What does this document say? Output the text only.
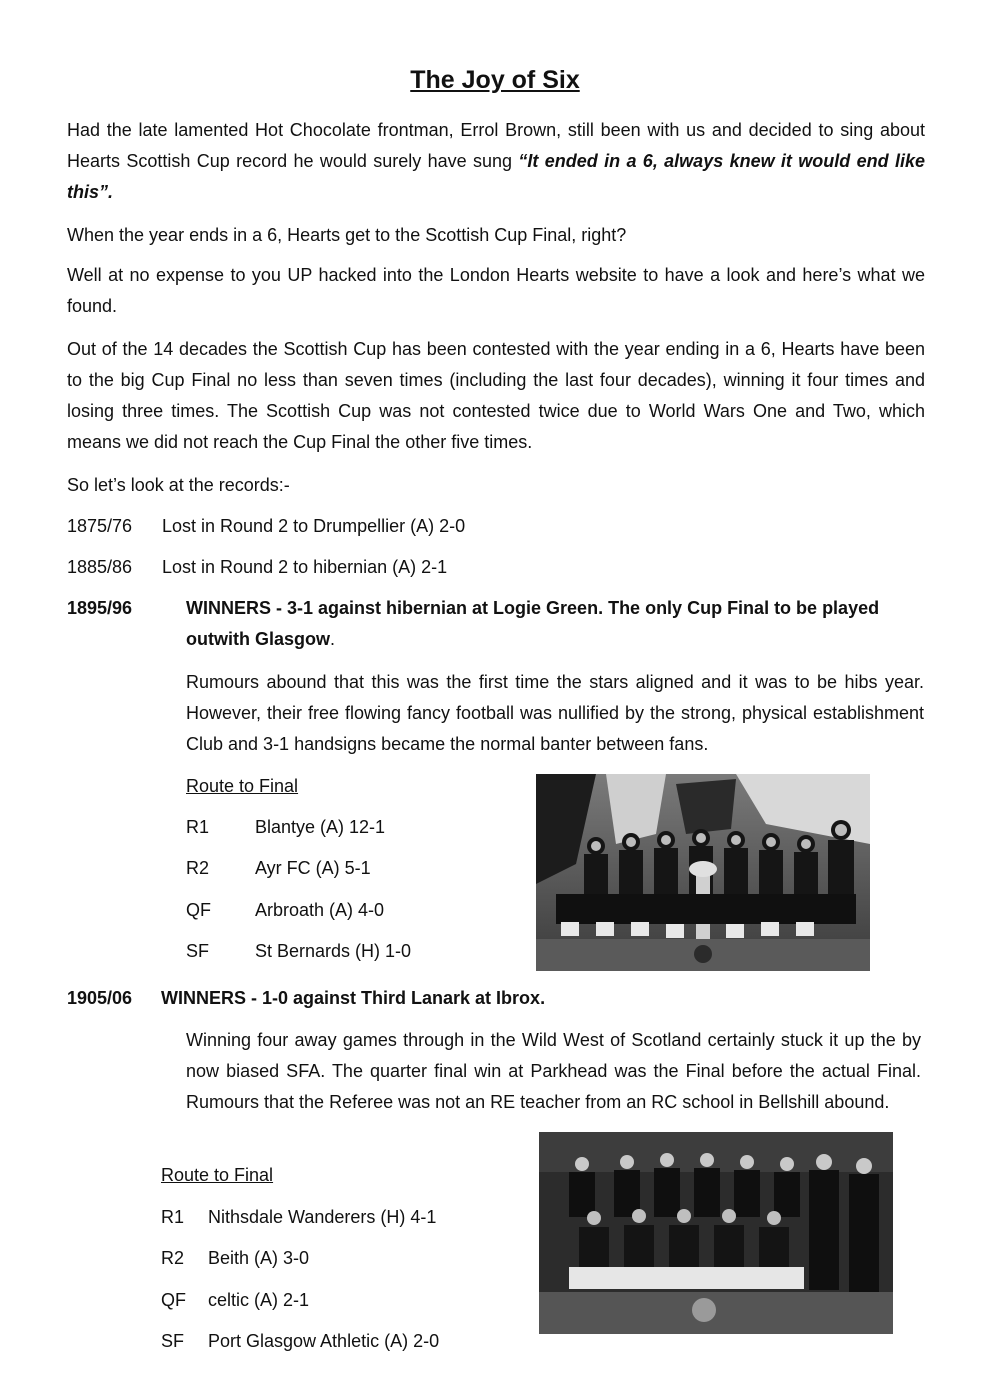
The Joy of Six

Had the late lamented Hot Chocolate frontman, Errol Brown, still been with us and decided to sing about Hearts Scottish Cup record he would surely have sung “It ended in a 6, always knew it would end like this”.

When the year ends in a 6, Hearts get to the Scottish Cup Final, right?

Well at no expense to you UP hacked into the London Hearts website to have a look and here’s what we found.

Out of the 14 decades the Scottish Cup has been contested with the year ending in a 6, Hearts have been to the big Cup Final no less than seven times (including the last four decades), winning it four times and losing three times. The Scottish Cup was not contested twice due to World Wars One and Two, which means we did not reach the Cup Final the other five times.

So let’s look at the records:-

1875/76 Lost in Round 2 to Drumpellier (A) 2-0
1885/86 Lost in Round 2 to hibernian (A) 2-1
1895/96	WINNERS - 3-1 against hibernian at Logie Green. The only Cup Final to be played outwith Glasgow.

Rumours abound that this was the first time the stars aligned and it was to be hibs year. However, their free flowing fancy football was nullified by the strong, physical establishment Club and 3-1 handsigns became the normal banter between fans.

Route to Final
R1	Blantye (A) 12-1
R2	Ayr FC (A) 5-1
QF Arbroath (A) 4-0
SF	St Bernards (H) 1-0
1905/06 WINNERS - 1-0 against Third Lanark at Ibrox.

Winning four away games through in the Wild West of Scotland certainly stuck it up the by now biased SFA. The quarter final win at Parkhead was the Final before the actual Final. Rumours that the Referee was not an RE teacher from an RC school in Bellshill abound.

Route to Final
R1 Nithsdale Wanderers (H) 4-1
R2 Beith (A) 3-0
QF celtic (A) 2-1
SF Port Glasgow Athletic (A) 2-0
